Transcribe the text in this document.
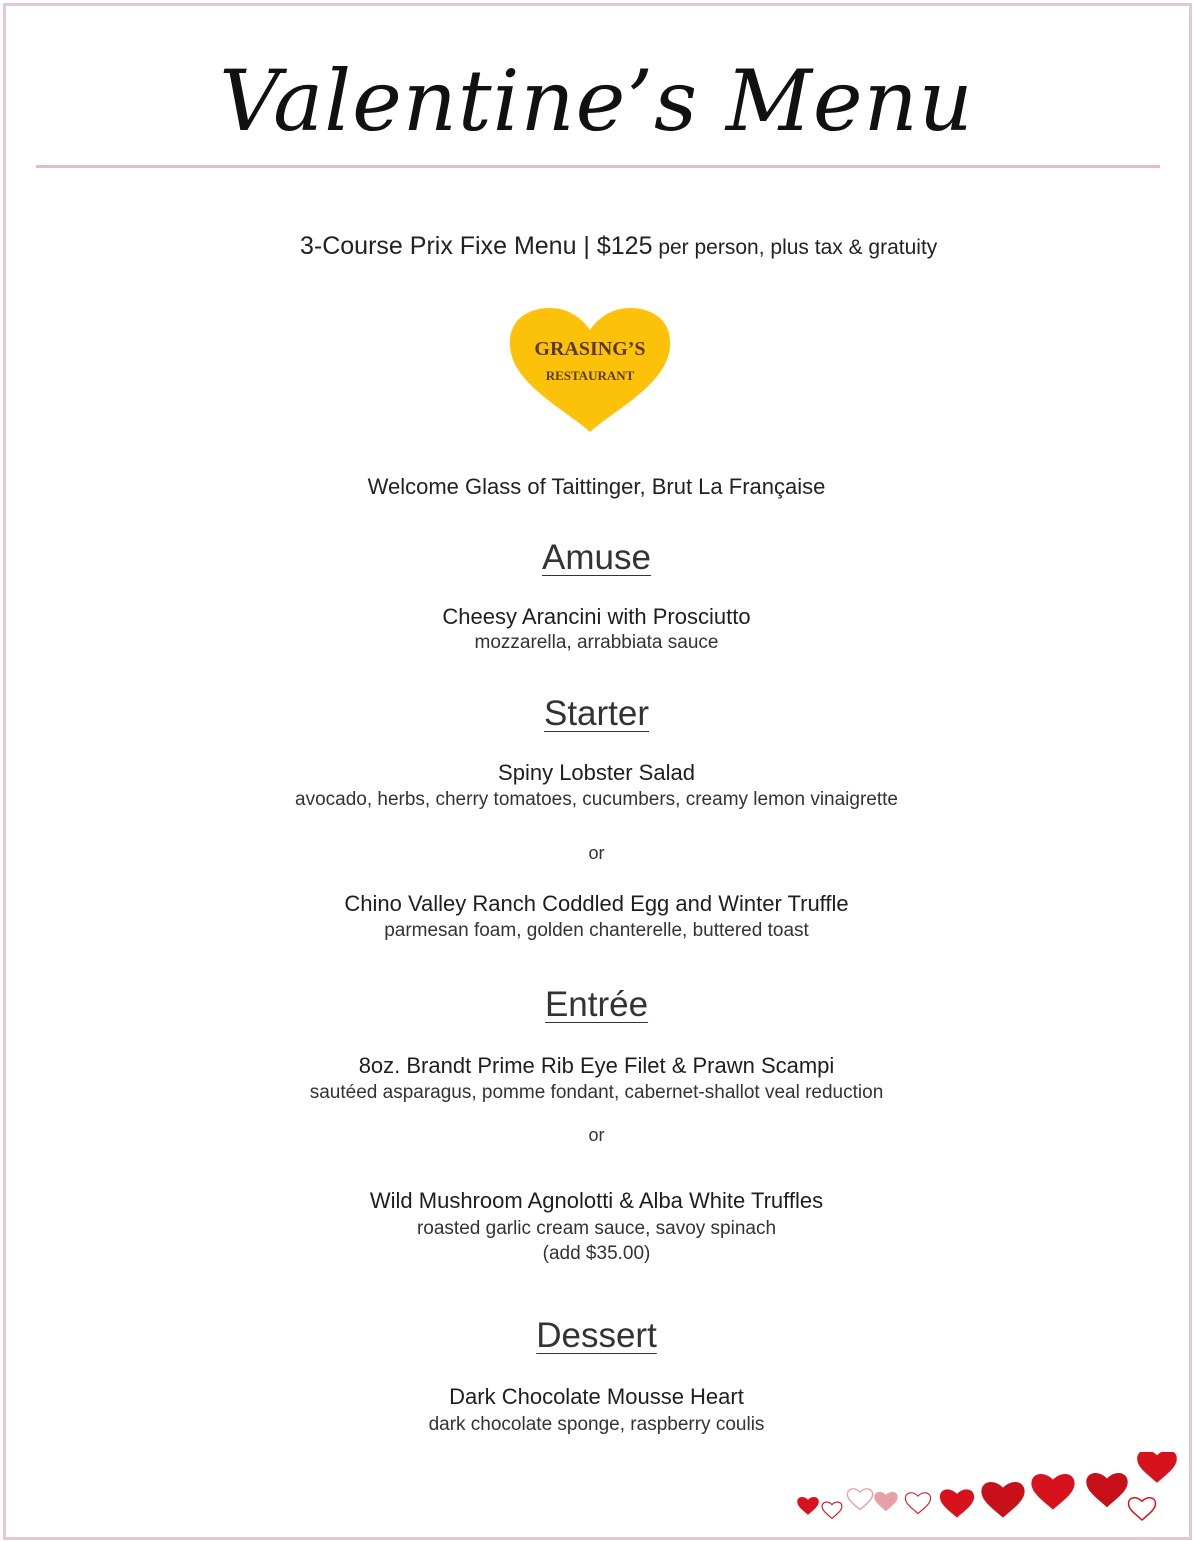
Valentine’s Menu
3-Course Prix Fixe Menu | $125 per person, plus tax & gratuity
GRASING’S
RESTAURANT
Welcome Glass of Taittinger, Brut La Française
Amuse
Cheesy Arancini with Prosciutto
mozzarella, arrabbiata sauce
Starter
Spiny Lobster Salad
avocado, herbs, cherry tomatoes, cucumbers, creamy lemon vinaigrette
or
Chino Valley Ranch Coddled Egg and Winter Truffle
parmesan foam, golden chanterelle, buttered toast
Entrée
8oz. Brandt Prime Rib Eye Filet & Prawn Scampi
sautéed asparagus, pomme fondant, cabernet-shallot veal reduction
or
Wild Mushroom Agnolotti & Alba White Truffles
roasted garlic cream sauce, savoy spinach
(add $35.00)
Dessert
Dark Chocolate Mousse Heart
dark chocolate sponge, raspberry coulis
